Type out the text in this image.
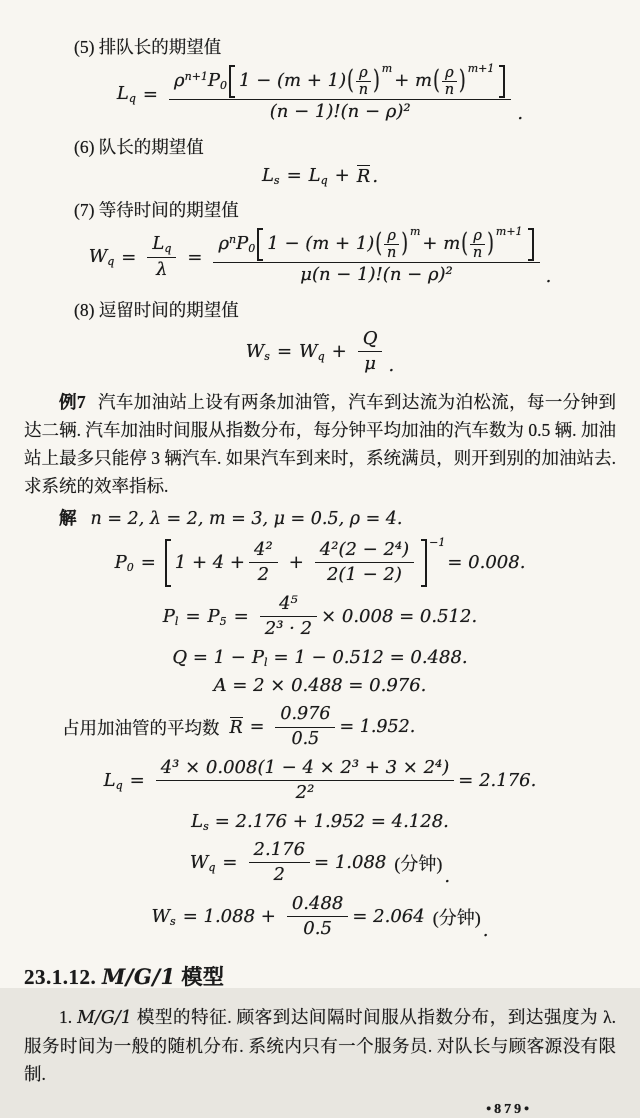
(5) 排队长的期望值
$L_q$ =
$\rho^{n+1}P_0$ 1 − (m + 1) ( $\frac{\rho}{n}$ ) m
+ m ( $\frac{\rho}{n}$ ) m+1
(n − 1)!(n − ρ)²	.
(6) 队长的期望值
$L_s = L_q + R$ .
(7) 等待时间的期望值
$W_q = \frac{L_q}{\lambda}$ =
$\rho^nP_0$ 1 − (m + 1) ( $\frac{\rho}{n}$ ) m
+ m ( $\frac{\rho}{n}$ ) m+1
μ(n − 1)!(n − ρ)²	.
(8) 逗留时间的期望值
$W_s = W_q + \frac{Q}{\mu}$ .

例7 汽车加油站上设有两条加油管，汽车到达流为泊松流，每一分钟到达二辆. 汽车加油时间服从指数分布，每分钟平均加油的汽车数为 0.5 辆. 加油站上最多只能停 3 辆汽车. 如果汽车到来时，系统满员，则开到别的加油站去. 求系统的效率指标.

解 n = 2, λ = 2, m = 3, μ = 0.5, ρ = 4.

$P_0 = 1 + 4 + \frac{\text{4²}}{2} + \frac{\text{4²(2 − 2⁴)}}{2(1 - 2)} -1$
= 0.008.
$P_l = P_5 = \frac{\text{4⁵}}{\text{2³ · 2}} \times 0.008 = 0.512$.
$Q = 1 - P_l = 1 - 0.512 = 0.488$.
A = 2 × 0.488 = 0.976.
占用加油管的平均数 $R = \frac{0.976}{0.5} = 1.952$.
$L_q = \frac{\text{4³ × 0.008(1 − 4 × 2³ + 3 × 2⁴)}}{\text{2²}} = 2.176$.
$L_s = 2.176 + 1.952 = 4.128$.
$W_q = \frac{2.176}{2} = 1.088$ (分钟)
.
$W_s = 1.088 + \frac{0.488}{0.5} = 2.064$ (分钟)
.
23.1.12. M/G/1 模型

1. M/G/1 模型的特征. 顾客到达间隔时间服从指数分布，到达强度为 λ. 服务时间为一般的随机分布. 系统内只有一个服务员. 对队长与顾客源没有限制.

•879•
